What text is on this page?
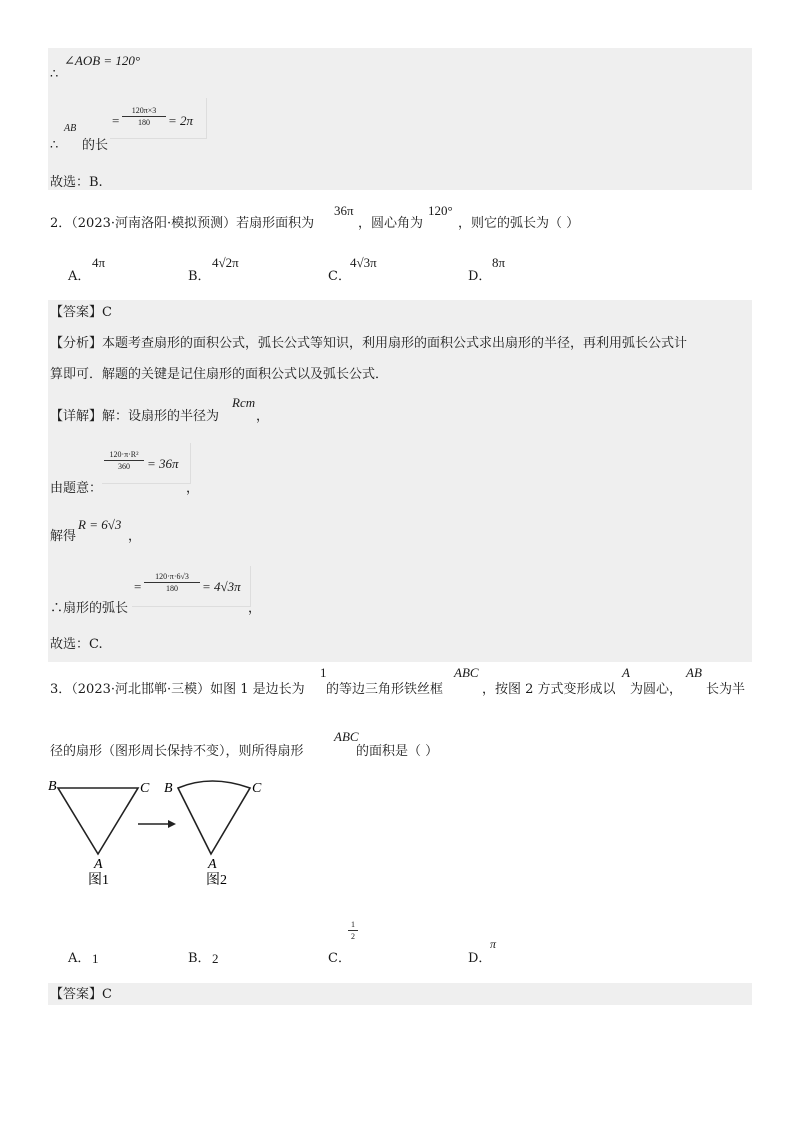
∠AOB = 120°
∴
AB
∴ 的长
=
120π×3
180	= 2π
故选：B.
2．（2023·河南洛阳·模拟预测）若扇形面积为
36π
，圆心角为
120°
，则它的弧长为（ ）
A．
4π
B．
4√2π
C．
4√3π
D．
8π
【答案】C
【分析】本题考查扇形的面积公式，弧长公式等知识，利用扇形的面积公式求出扇形的半径，再利用弧长公式计
算即可．解题的关键是记住扇形的面积公式以及弧长公式．
【详解】解：设扇形的半径为
Rcm
，
120·π·R²
360	= 36π
由题意：	，
解得
R = 6√3
，
=
120·π·6√3
180	= 4√3π
∴扇形的弧长	，
故选：C.
3．（2023·河北邯郸·三模）如图 1 是边长为
1
的等边三角形铁丝框
ABC
，按图 2 方式变形成以
A
为圆心，
AB
长为半
径的扇形（图形周长保持不变），则所得扇形
ABC
的面积是（ ）
B	C
A
图1
B	C
A
图2
A． 1	B． 2	C．
1
2
D．
π
【答案】C
